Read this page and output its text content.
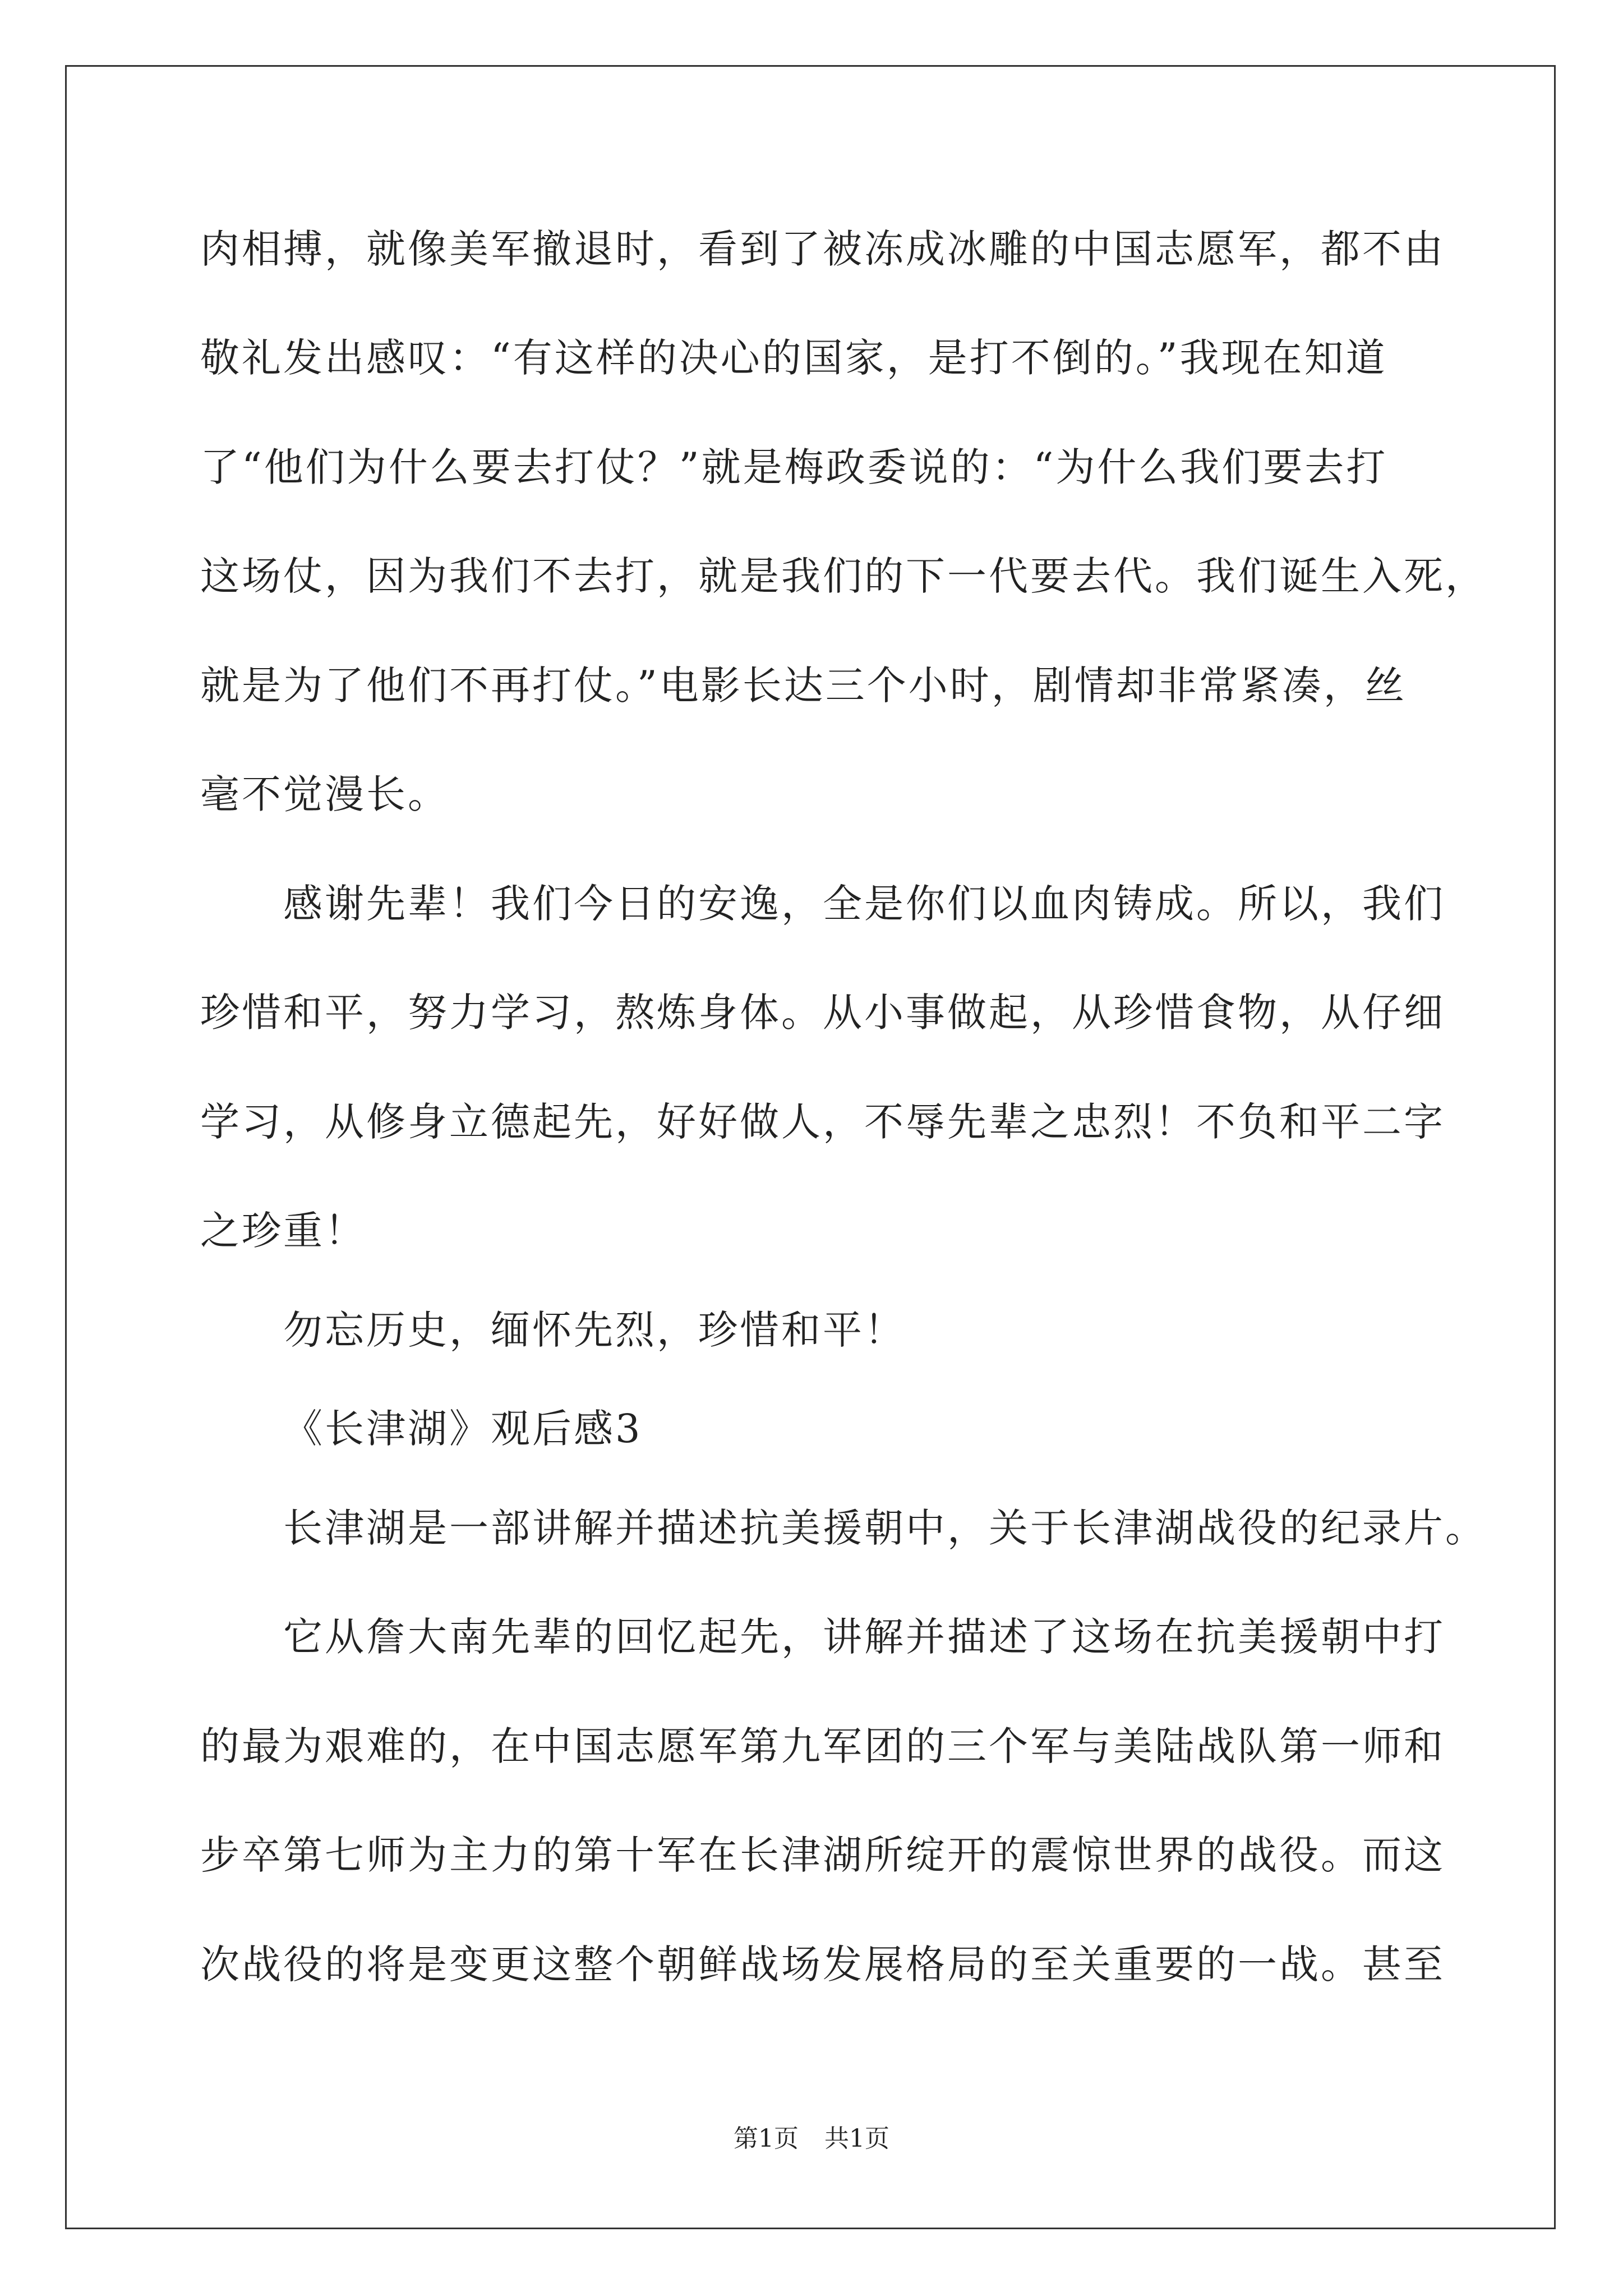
肉相搏，就像美军撤退时，看到了被冻成冰雕的中国志愿军，都不由
敬礼发出感叹：“有这样的决心的国家，是打不倒的。”我现在知道
了“他们为什么要去打仗？”就是梅政委说的：“为什么我们要去打
这场仗，因为我们不去打，就是我们的下一代要去代。我们诞生入死，
就是为了他们不再打仗。”电影长达三个小时，剧情却非常紧凑，丝
毫不觉漫长。
感谢先辈！我们今日的安逸，全是你们以血肉铸成。所以，我们
珍惜和平，努力学习，熬炼身体。从小事做起，从珍惜食物，从仔细
学习，从修身立德起先，好好做人，不辱先辈之忠烈！不负和平二字
之珍重！
勿忘历史，缅怀先烈，珍惜和平！
《长津湖》观后感3
长津湖是一部讲解并描述抗美援朝中，关于长津湖战役的纪录片。
它从詹大南先辈的回忆起先，讲解并描述了这场在抗美援朝中打
的最为艰难的，在中国志愿军第九军团的三个军与美陆战队第一师和
步卒第七师为主力的第十军在长津湖所绽开的震惊世界的战役。而这
次战役的将是变更这整个朝鲜战场发展格局的至关重要的一战。甚至
第1页 共1页
